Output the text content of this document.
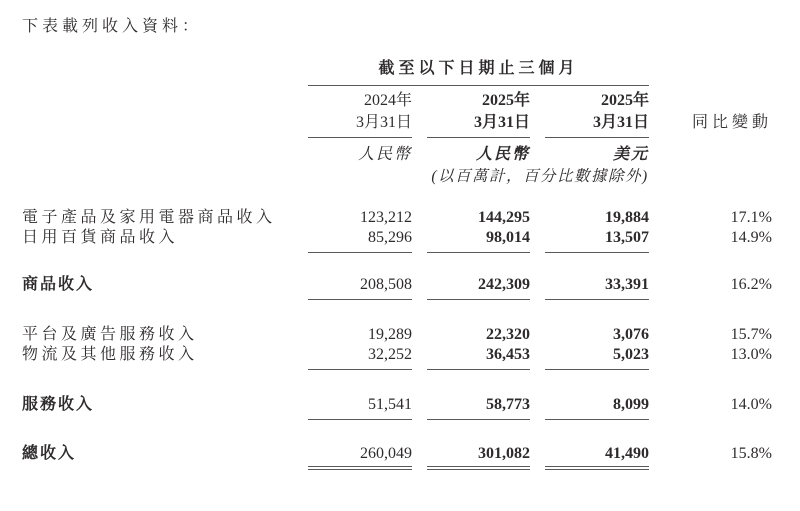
下表載列收入資料：

	截至以下日期止三個月			

	2024年	2025年	2025年	

	3月31日	3月31日	3月31日	同比變動

	人民幣	人民幣	美元	

	(以百萬計，百分比數據除外)			

電子產品及家用電器商品收入	123,212	144,295	19,884	17.1%

日用百貨商品收入	85,296	98,014	13,507	14.9%

商品收入	208,508	242,309	33,391	16.2%

平台及廣告服務收入	19,289	22,320	3,076	15.7%

物流及其他服務收入	32,252	36,453	5,023	13.0%

服務收入	51,541	58,773	8,099	14.0%

總收入	260,049	301,082	41,490	15.8%
